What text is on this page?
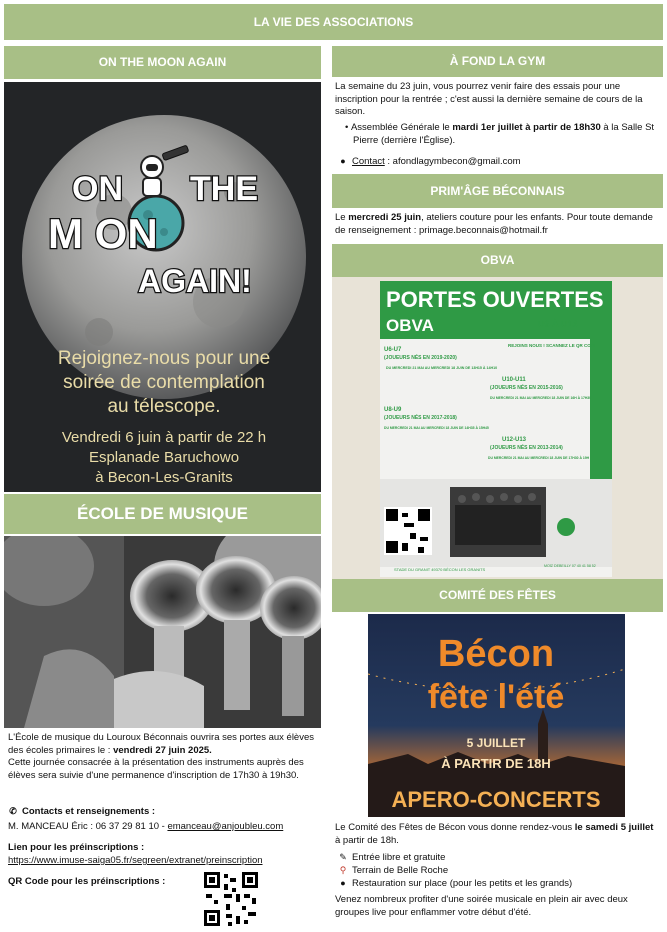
LA VIE DES ASSOCIATIONS
ON THE MOON AGAIN
ON THE
M ON
AGAIN!
Rejoignez-nous pour une
soirée de contemplation
au télescope.
Vendredi 6 juin à partir de 22 h
Esplanade Baruchowo
à Becon-Les-Granits
ÉCOLE DE MUSIQUE
L'École de musique du Louroux Béconnais ouvrira ses portes aux élèves des écoles primaires le : vendredi 27 juin 2025.
Cette journée consacrée à la présentation des instruments auprès des élèves sera suivie d'une permanence d'inscription de 17h30 à 19h30.
✆ Contacts et renseignements :
M. MANCEAU Éric : 06 37 29 81 10 - emanceau@anjoubleu.com
Lien pour les préinscriptions :
https://www.imuse-saiga05.fr/segreen/extranet/preinscription
QR Code pour les préinscriptions :
À FOND LA GYM
La semaine du 23 juin, vous pourrez venir faire des essais pour une inscription pour la rentrée ; c'est aussi la dernière semaine de cours de la saison.
• Assemblée Générale le mardi 1er juillet à partir de 18h30 à la Salle St Pierre (derrière l'Église).
● Contact : afondlagymbecon@gmail.com
PRIM'ÂGE BÉCONNAIS
Le mercredi 25 juin, ateliers couture pour les enfants. Pour toute demande de renseignement : primage.beconnais@hotmail.fr
OBVA
PORTES OUVERTES
OBVA	U6 À U13
REJOINS NOUS ! SCANNEZ LE QR CODE
U6-U7
(JOUEURS NÉS EN 2019-2020)
DU MERCREDI 21 MAI AU MERCREDI 18 JUIN DE 13H15 À 14H10
U10-U11
(JOUEURS NÉS EN 2015-2016)
DU MERCREDI 21 MAI AU MERCREDI 18 JUIN DE 16H À 17H30
U8-U9
(JOUEURS NÉS EN 2017-2018)
DU MERCREDI 21 MAI AU MERCREDI 18 JUIN DE 14H35 À 15H45
U12-U13
(JOUEURS NÉS EN 2013-2014)
DU MERCREDI 21 MAI AU MERCREDI 18 JUIN DE 17H30 À 19H
STADE DU GRANIT 49370 BÉCON LES GRANITS
MOÏZ DEBEILLY 07 40 41 58 52
COMITÉ DES FÊTES
Bécon
fête l'été
5 JUILLET
À PARTIR DE 18H
APERO-CONCERTS
Le Comité des Fêtes de Bécon vous donne rendez-vous le samedi 5 juillet à partir de 18h.
✎ Entrée libre et gratuite
⚲ Terrain de Belle Roche
● Restauration sur place (pour les petits et les grands)
Venez nombreux profiter d'une soirée musicale en plein air avec deux groupes live pour enflammer votre début d'été.
